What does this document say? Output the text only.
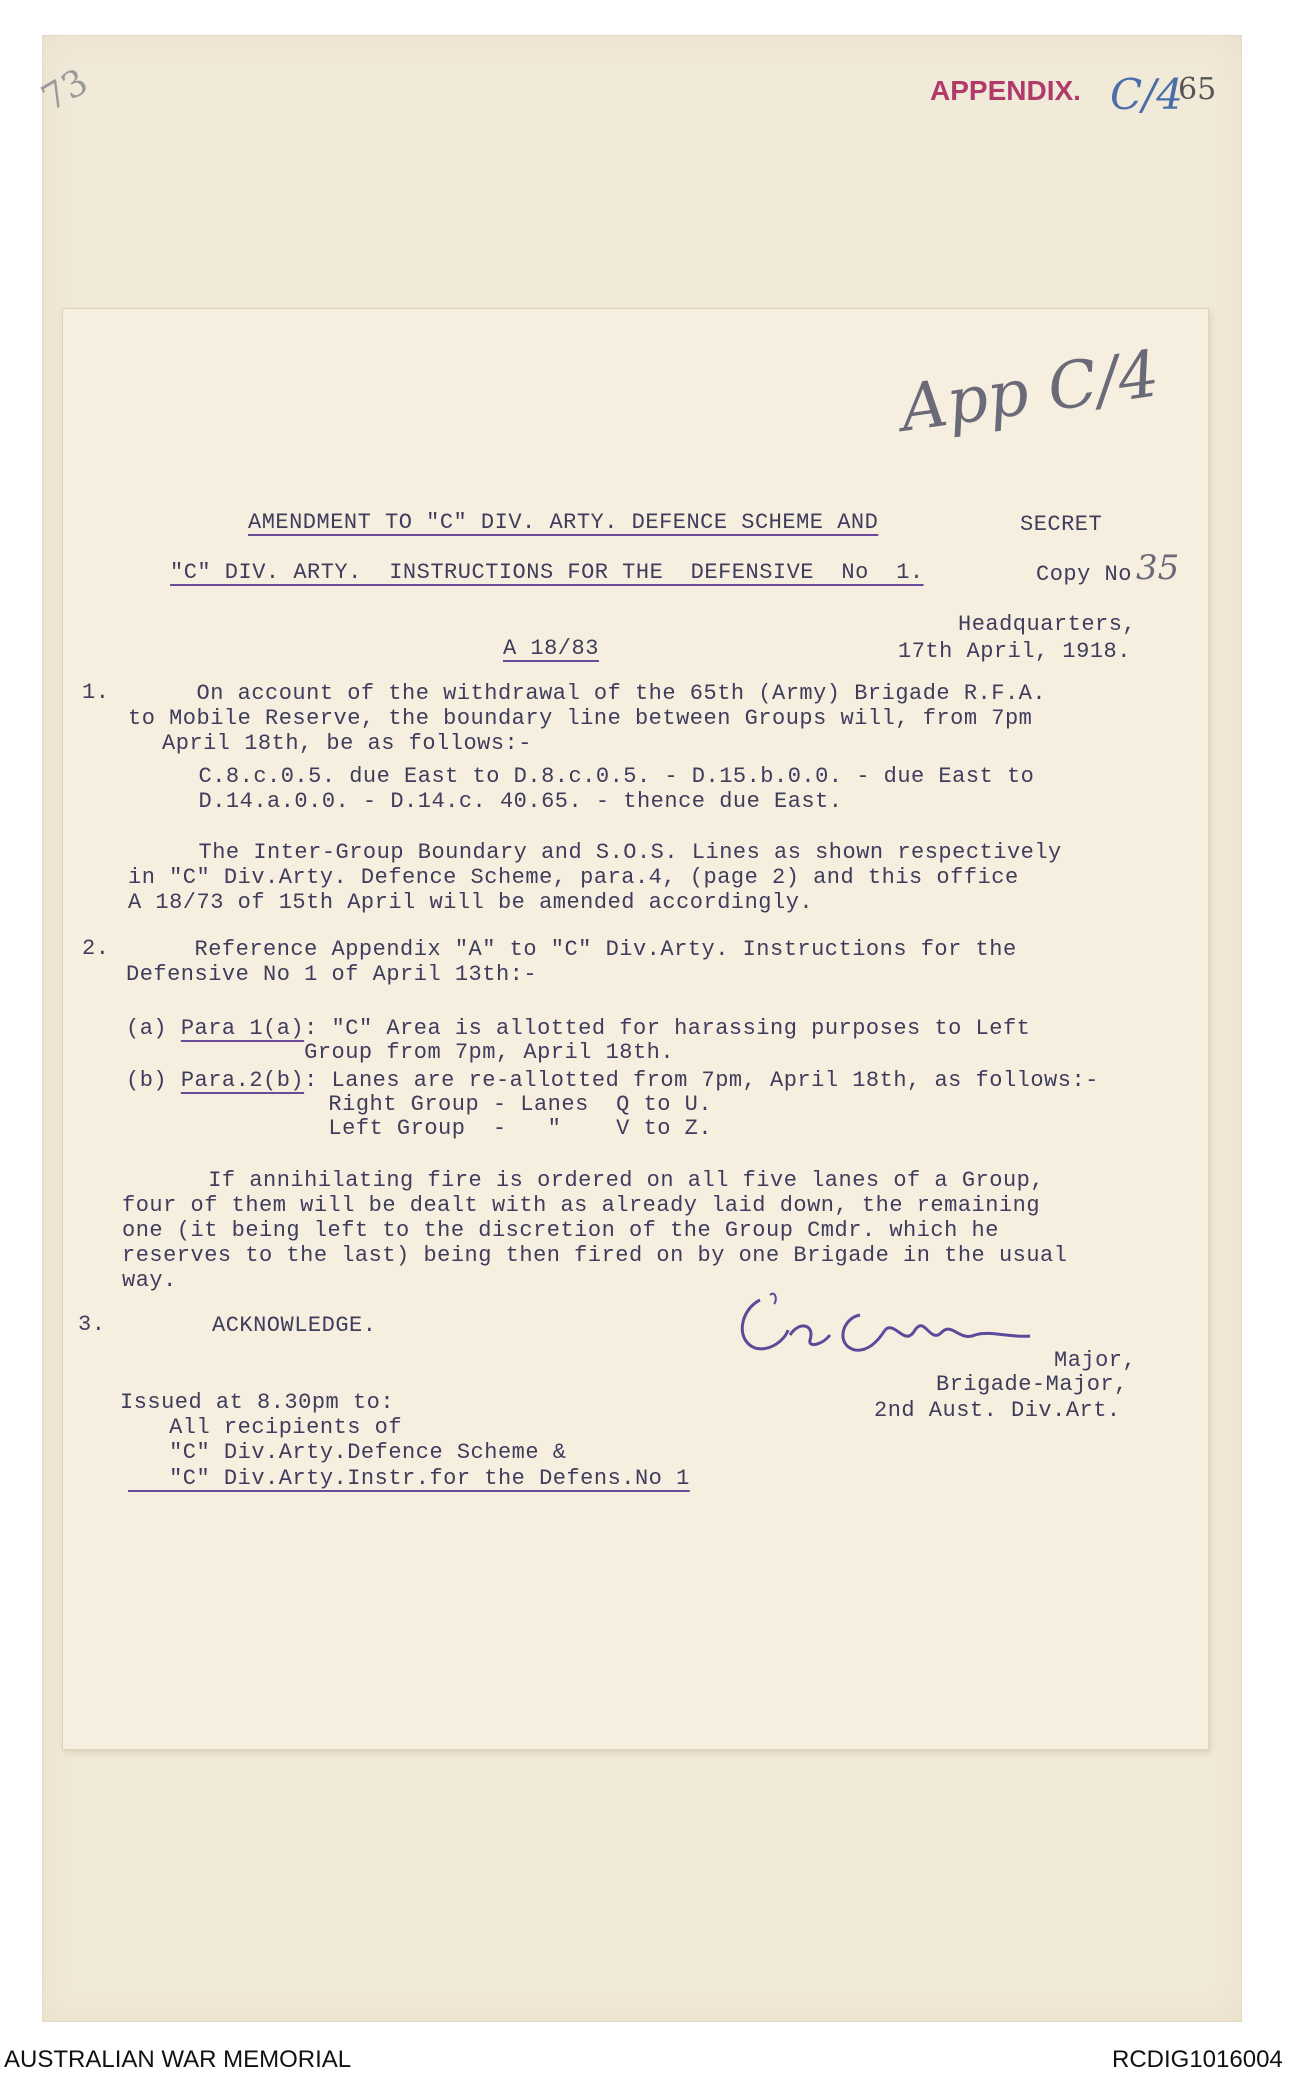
73	APPENDIX. C/4
65
App C/4
AMENDMENT TO "C" DIV. ARTY. DEFENCE SCHEME AND	SECRET
"C" DIV. ARTY.  INSTRUCTIONS FOR THE  DEFENSIVE  No  1.	Copy No 35
Headquarters,
A 18/83	17th April, 1918.
1. On account of the withdrawal of the 65th (Army) Brigade R.F.A.
to Mobile Reserve, the boundary line between Groups will, from 7pm
April 18th, be as follows:-
C.8.c.0.5. due East to D.8.c.0.5. - D.15.b.0.0. - due East to
D.14.a.0.0. - D.14.c. 40.65. - thence due East.
The Inter-Group Boundary and S.O.S. Lines as shown respectively
in "C" Div.Arty. Defence Scheme, para.4, (page 2) and this office
A 18/73 of 15th April will be amended accordingly.
2. Reference Appendix "A" to "C" Div.Arty. Instructions for the
Defensive No 1 of April 13th:-
(a) Para 1(a): "C" Area is allotted for harassing purposes to Left
Group from 7pm, April 18th.
(b) Para.2(b): Lanes are re-allotted from 7pm, April 18th, as follows:-
Right Group - Lanes  Q to U.
Left Group  -   "    V to Z.
If annihilating fire is ordered on all five lanes of a Group,
four of them will be dealt with as already laid down, the remaining
one (it being left to the discretion of the Group Cmdr. which he
reserves to the last) being then fired on by one Brigade in the usual
way.
3.	ACKNOWLEDGE.
Major,
Brigade-Major,
2nd Aust. Div.Art.
Issued at 8.30pm to:
All recipients of
"C" Div.Arty.Defence Scheme &
"C" Div.Arty.Instr.for the Defens.No 1
AUSTRALIAN WAR MEMORIAL	RCDIG1016004
